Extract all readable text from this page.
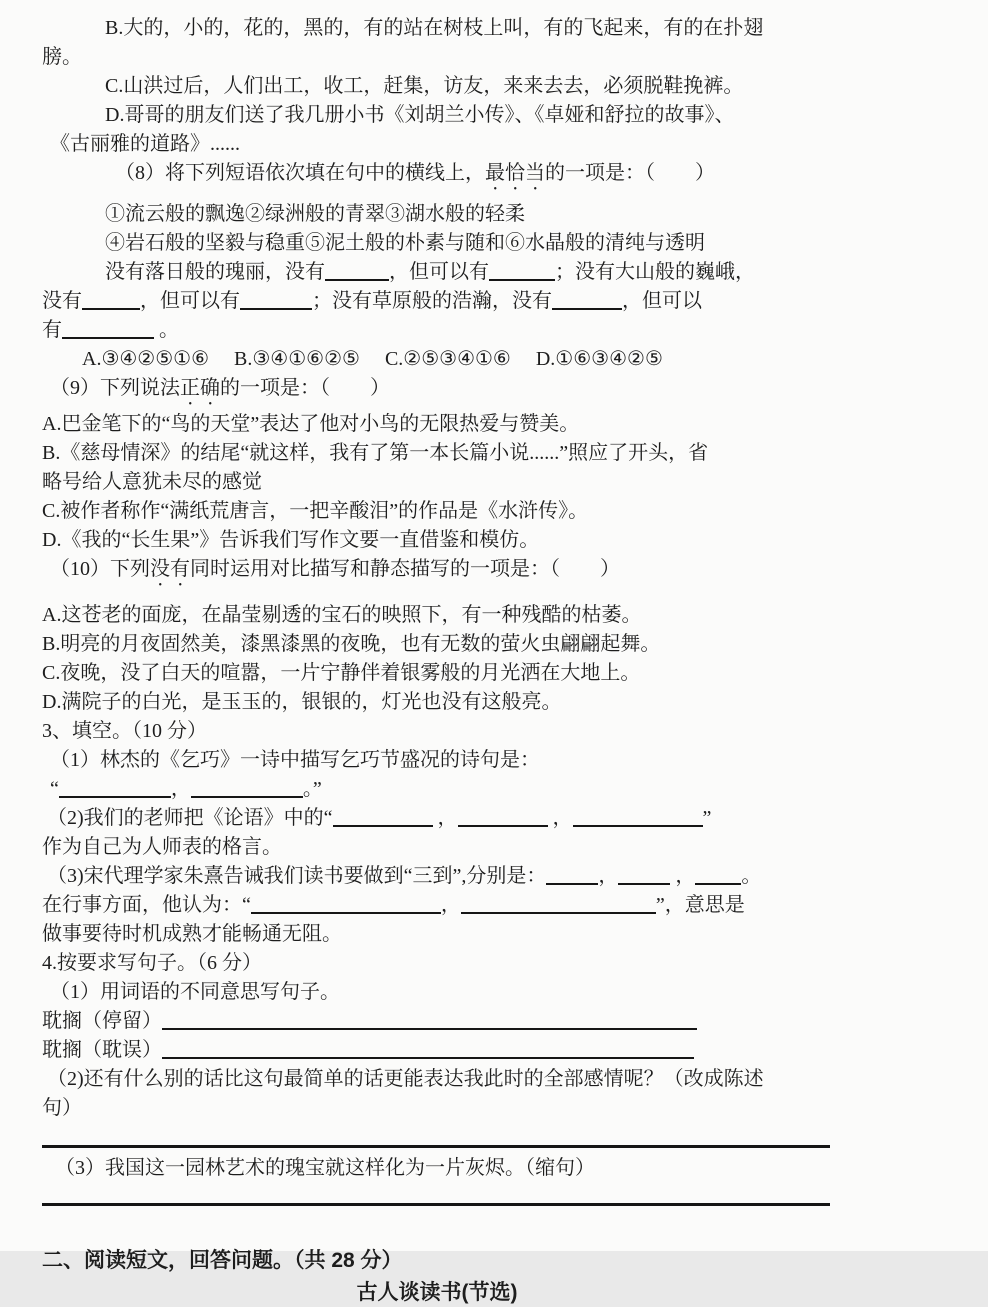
B.大的，小的，花的，黑的，有的站在树枝上叫，有的飞起来，有的在扑翅
膀。
C.山洪过后，人们出工，收工，赶集，访友，来来去去，必须脱鞋挽裤。
D.哥哥的朋友们送了我几册小书《刘胡兰小传》、《卓娅和舒拉的故事》、
《古丽雅的道路》......
（8）将下列短语依次填在句中的横线上，最恰当的一项是：（　　）
①流云般的飘逸②绿洲般的青翠③湖水般的轻柔
④岩石般的坚毅与稳重⑤泥土般的朴素与随和⑥水晶般的清纯与透明
没有落日般的瑰丽，没有	，但可以有	；没有大山般的巍峨，
没有	，但可以有	；没有草原般的浩瀚，没有	，但可以
有	。
A.③④②⑤①⑥　 B.③④①⑥②⑤　 C.②⑤③④①⑥　 D.①⑥③④②⑤
（9）下列说法正确的一项是：（　　）
A.巴金笔下的“鸟的天堂”表达了他对小鸟的无限热爱与赞美。
B.《慈母情深》的结尾“就这样，我有了第一本长篇小说......”照应了开头，省
略号给人意犹未尽的感觉
C.被作者称作“满纸荒唐言，一把辛酸泪”的作品是《水浒传》。
D.《我的“长生果”》告诉我们写作文要一直借鉴和模仿。
（10）下列没有同时运用对比描写和静态描写的一项是：（　　）
A.这苍老的面庞，在晶莹剔透的宝石的映照下，有一种残酷的枯萎。
B.明亮的月夜固然美，漆黑漆黑的夜晚，也有无数的萤火虫翩翩起舞。
C.夜晚，没了白天的喧嚣，一片宁静伴着银雾般的月光洒在大地上。
D.满院子的白光，是玉玉的，银银的，灯光也没有这般亮。
3、填空。（10 分）
（1）林杰的《乞巧》一诗中描写乞巧节盛况的诗句是：
“	，	。”
（2)我们的老师把《论语》中的“	，	，	”
作为自己为人师表的格言。
（3)宋代理学家朱熹告诫我们读书要做到“三到”,分别是：	，	， 。
在行事方面，他认为：“	，	”，意思是
做事要待时机成熟才能畅通无阻。
4.按要求写句子。（6 分）
（1）用词语的不同意思写句子。
耽搁（停留）
耽搁（耽误）
（2)还有什么别的话比这句最简单的话更能表达我此时的全部感情呢？（改成陈述
句）
（3）我国这一园林艺术的瑰宝就这样化为一片灰烬。（缩句）
二、阅读短文，回答问题。（共 28 分）
古人谈读书(节选)
